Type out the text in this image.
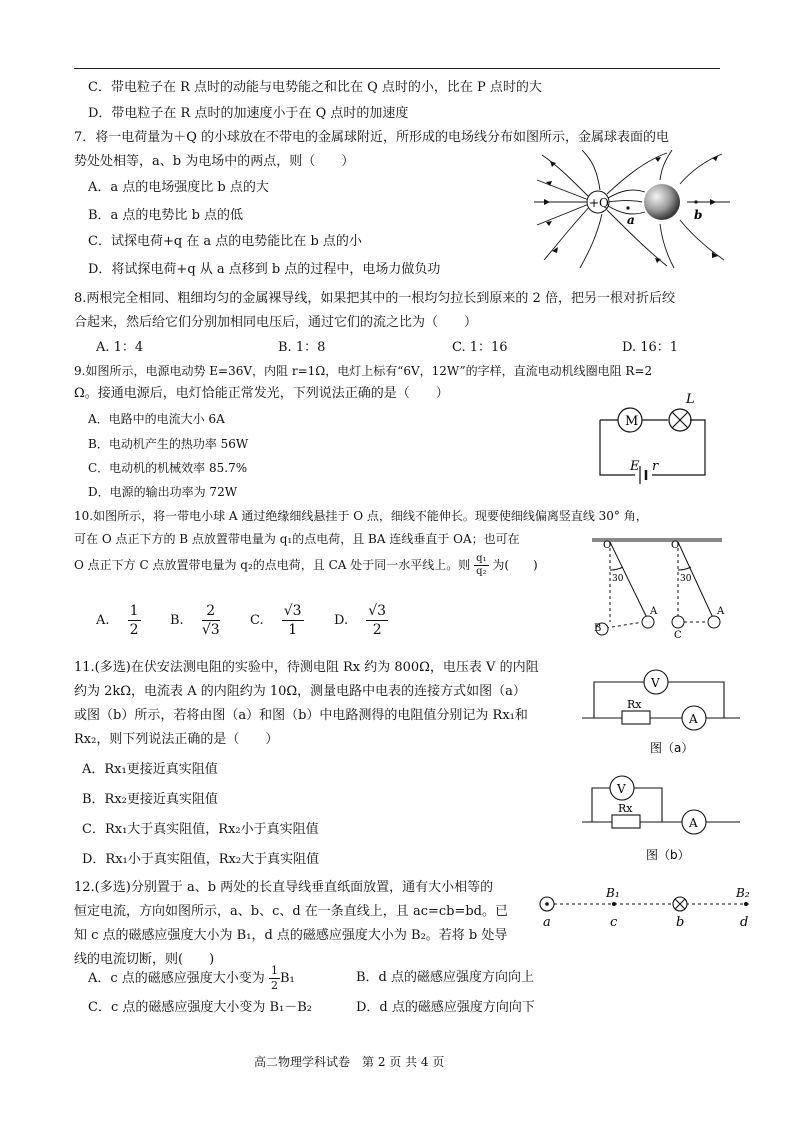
C．带电粒子在 R 点时的动能与电势能之和比在 Q 点时的小，比在 P 点时的大
D．带电粒子在 R 点时的加速度小于在 Q 点时的加速度
7．将一电荷量为＋Q 的小球放在不带电的金属球附近，所形成的电场线分布如图所示，金属球表面的电
势处处相等，a、b 为电场中的两点，则（　　）
A．a 点的电场强度比 b 点的大
B．a 点的电势比 b 点的低
C．试探电荷+q 在 a 点的电势能比在 b 点的小
D．将试探电荷+q 从 a 点移到 b 点的过程中，电场力做负功
+Q
a	b
8.两根完全相同、粗细均匀的金属裸导线，如果把其中的一根均匀拉长到原来的 2 倍，把另一根对折后绞
合起来，然后给它们分别加相同电压后，通过它们的流之比为（　　）
A. 1：4	B. 1：8	C. 1：16	D. 16：1
9.如图所示，电源电动势 E=36V，内阻 r=1Ω，电灯上标有“6V，12W”的字样，直流电动机线圈电阻 R=2
Ω。接通电源后，电灯恰能正常发光，下列说法正确的是（　　）
A．电路中的电流大小 6A
B．电动机产生的热功率 56W
C．电动机的机械效率 85.7%
D．电源的输出功率为 72W
M
L
E r
10.如图所示，将一带电小球 A 通过绝缘细线悬挂于 O 点，细线不能伸长。现要使细线偏离竖直线 30° 角，
可在 O 点正下方的 B 点放置带电量为 q₁的点电荷，且 BA 连线垂直于 OA；也可在
O 点正下方 C 点放置带电量为 q₂的点电荷，且 CA 处于同一水平线上。则 $\frac{\text{q₁}}{\text{q₂}}$ 为(　　)
A. $\frac{1}{2} B$. $\frac{2}{√3} C$. $\frac{√3}{1} D$. $\frac{√3}{2}$
O	O
30	30
A	A
B
C
11.(多选)在伏安法测电阻的实验中，待测电阻 Rx 约为 800Ω，电压表 V 的内阻
约为 2kΩ，电流表 A 的内阻约为 10Ω，测量电路中电表的连接方式如图（a）
或图（b）所示，若将由图（a）和图（b）中电路测得的电阻值分别记为 Rx₁和
Rx₂，则下列说法正确的是（　　）
A．Rx₁更接近真实阻值
B．Rx₂更接近真实阻值
C．Rx₁大于真实阻值，Rx₂小于真实阻值
D．Rx₁小于真实阻值，Rx₂大于真实阻值
V
Rx
A
图（a）
V
Rx
A
图（b）
12.(多选)分别置于 a、b 两处的长直导线垂直纸面放置，通有大小相等的
恒定电流，方向如图所示，a、b、c、d 在一条直线上，且 ac=cb=bd。已
知 c 点的磁感应强度大小为 B₁，d 点的磁感应强度大小为 B₂。若将 b 处导
线的电流切断，则(　　)
A．c 点的磁感应强度大小变为 $\frac{1}{2} B_1$	B．d 点的磁感应强度方向向上
C．c 点的磁感应强度大小变为 B₁－B₂	D．d 点的磁感应强度方向向下
a	c	b	d
B₁	B₂
高二物理学科试卷　第 2 页 共 4 页
